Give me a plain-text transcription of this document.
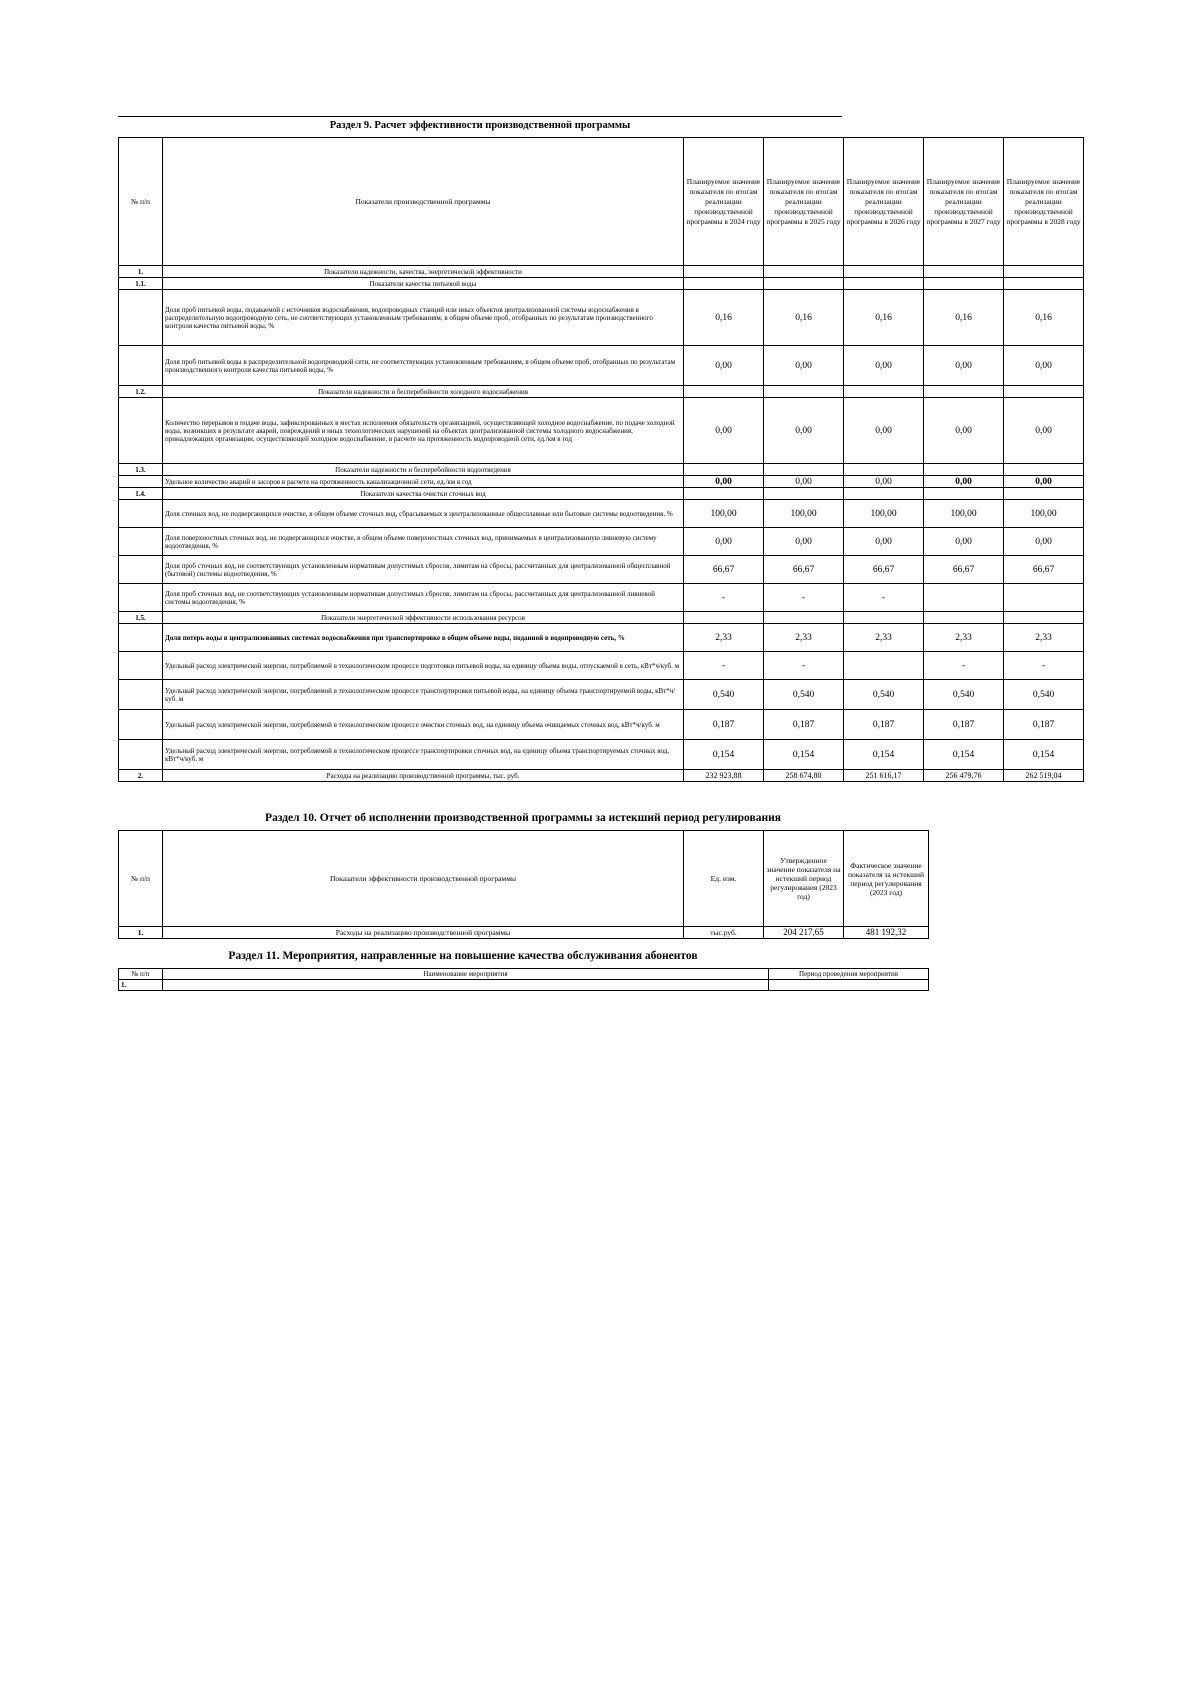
Раздел 9. Расчет эффективности производственной программы
№ п/п	Показатели производственной программы	Планируемое значение показателя по итогам реализации производственной программы в 2024 году	Планируемое значение показателя по итогам реализации производственной программы в 2025 году	Планируемое значение показателя по итогам реализации производственной программы в 2026 году	Планируемое значение показателя по итогам реализации производственной программы в 2027 году	Планируемое значение показателя по итогам реализации производственной программы в 2028 году
1.	Показатели надежности, качества, энергетической эффективности					
1.1.	Показатели качества питьевой воды					
	Доля проб питьевой воды, подаваемой с источников водоснабжения, водопроводных станций или иных объектов централизованной системы водоснабжения в распределительную водопроводную сеть, не соответствующих установленным требованиям, в общем объеме проб, отобранных по результатам производственного контроля качества питьевой воды, %	0,16	0,16	0,16	0,16	0,16
	Доля проб питьевой воды в распределительной водопроводной сети, не соответствующих установленным требованиям, в общем объеме проб, отобранных по результатам производственного контроля качества питьевой воды, %	0,00	0,00	0,00	0,00	0,00
1.2.	Показатели надежности и бесперебойности холодного водоснабжения					
	Количество перерывов в подаче воды, зафиксированных в местах исполнения обязательств организацией, осуществляющей холодное водоснабжение, по подаче холодной воды, возникших в результате аварий, повреждений и иных технологических нарушений на объектах централизованной системы холодного водоснабжения, принадлежащих организации, осуществляющей холодное водоснабжение, в расчете на протяженность водопроводной сети, ед./км в год	0,00	0,00	0,00	0,00	0,00
1.3.	Показатели надежности и бесперебойности водоотведения					
	Удельное количество аварий и засоров в расчете на протяженность канализационной сети, ед./км в год	0,00	0,00	0,00	0,00	0,00
1.4.	Показатели качества очистки сточных вод					
	Доля сточных вод, не подвергающихся очистке, в общем объеме сточных вод, сбрасываемых в централизованные общесплавные или бытовые системы водоотведения, %	100,00	100,00	100,00	100,00	100,00
	Доля поверхностных сточных вод, не подвергающихся очистке, в общем объеме поверхностных сточных вод, принимаемых в централизованную ливневую систему водоотведения, %	0,00	0,00	0,00	0,00	0,00
	Доля проб сточных вод, не соответствующих установленным нормативам допустимых сбросов, лимитам на сбросы, рассчитанных для централизованной общесплавной (бытовой) системы водоотведения, %	66,67	66,67	66,67	66,67	66,67
	Доля проб сточных вод, не соответствующих установленным нормативам допустимых сбросов, лимитам на сбросы, рассчитанных для централизованной ливневой системы водоотведения, %	-	-	-		
1.5.	Показатели энергетической эффективности использования ресурсов					
	Доля потерь воды в централизованных системах водоснабжения при транспортировке в общем объеме воды, поданной в водопроводную сеть, %	2,33	2,33	2,33	2,33	2,33
	Удельный расход электрической энергии, потребляемой в технологическом процессе подготовки питьевой воды, на единицу объема воды, отпускаемой в сеть, кВт*ч/куб. м	-	-		-	-
	Удельный расход электрической энергии, потребляемой в технологическом процессе транспортировки питьевой воды, на единицу объема транспортируемой воды, кВт*ч/куб. м	0,540	0,540	0,540	0,540	0,540
	Удельный расход электрической энергии, потребляемой в технологическом процессе очистки сточных вод, на единицу объема очищаемых сточных вод, кВт*ч/куб. м	0,187	0,187	0,187	0,187	0,187
	Удельный расход электрической энергии, потребляемой в технологическом процессе транспортировки сточных вод, на единицу объема транспортируемых сточных вод, кВт*ч/куб. м	0,154	0,154	0,154	0,154	0,154
2.	Расходы на реализацию производственной программы, тыс. руб.	232 923,88	258 674,80	251 616,17	256 479,76	262 519,04
Раздел 10. Отчет об исполнении производственной программы за истекший период регулирования
№ п/п	Показатели эффективности производственной программы	Ед. изм.	Утвержденное значение показателя на истекший период регулирования (2023 год)	Фактическое значение показателя за истекший период регулирования (2023 год)
1.	Расходы на реализацию производственной программы	тыс.руб.	204 217,65	481 192,32
Раздел 11. Мероприятия, направленные на повышение качества обслуживания абонентов
№ п/п	Наименование мероприятия	Период проведения мероприятия
1.		
